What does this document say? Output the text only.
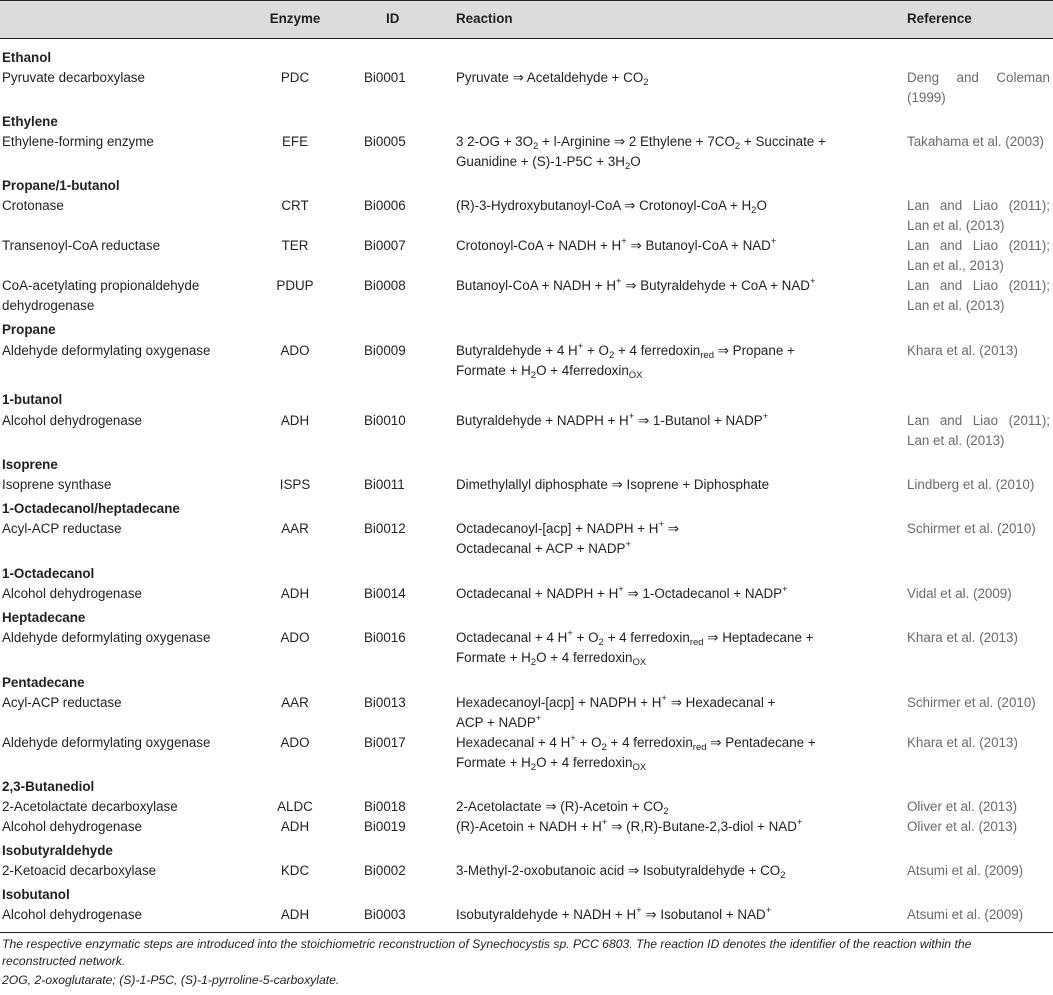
Enzyme	ID	Reaction	Reference
Ethanol
Pyruvate decarboxylase	PDC	Bi0001	Pyruvate ⇒ Acetaldehyde + $CO_2$	Deng and Coleman
(1999)
Ethylene
Ethylene-forming enzyme	EFE	Bi0005	3 $2-OG + 3O_2$ + l-Arginine ⇒ 2 Ethylene + $7CO_2$ + Succinate +
Guanidine + $(S)-1-P5C + 3H_2O$
Takahama et al. (2003)
Propane/1-butanol
Crotonase	CRT	Bi0006	(R)-3-Hydroxybutanoyl-CoA ⇒ Crotonoyl-CoA + $H_2O$	Lan and Liao (2011);
Lan et al. (2013)
Transenoyl-CoA reductase	TER	Bi0007	Crotonoyl-CoA + NADH + H+ ⇒ Butanoyl-CoA + NAD+	Lan and Liao (2011);
Lan et al., 2013)
CoA-acetylating propionaldehyde
dehydrogenase
PDUP	Bi0008	Butanoyl-CoA + NADH + H+ ⇒ Butyraldehyde + CoA + NAD+	Lan and Liao (2011);
Lan et al. (2013)
Propane
Aldehyde deformylating oxygenase	ADO	Bi0009	Butyraldehyde + 4 $H^+ + O_2 + 4$ ferredoxin$_{red}$ ⇒ Propane +
Formate + $H_2O$ + 4ferredoxin$_{OX}$
Khara et al. (2013)
1-butanol
Alcohol dehydrogenase	ADH	Bi0010	Butyraldehyde + NADPH + H+ ⇒ 1-Butanol + NADP+	Lan and Liao (2011);
Lan et al. (2013)
Isoprene
Isoprene synthase	ISPS	Bi0011	Dimethylallyl diphosphate ⇒ Isoprene + Diphosphate	Lindberg et al. (2010)
1-Octadecanol/heptadecane
Acyl-ACP reductase	AAR	Bi0012	Octadecanoyl-[acp] + NADPH + H+ ⇒
Octadecanal + ACP + NADP+
Schirmer et al. (2010)
1-Octadecanol
Alcohol dehydrogenase	ADH	Bi0014	Octadecanal + NADPH + H+ ⇒ 1-Octadecanol + NADP+	Vidal et al. (2009)
Heptadecane
Aldehyde deformylating oxygenase	ADO	Bi0016	Octadecanal + 4 $H^+ + O_2 + 4$ ferredoxin$_{red}$ ⇒ Heptadecane +
Formate + $H_2O + 4$ ferredoxin$_{OX}$
Khara et al. (2013)
Pentadecane
Acyl-ACP reductase	AAR	Bi0013	Hexadecanoyl-[acp] + NADPH + H+ ⇒ Hexadecanal +
ACP + NADP+
Schirmer et al. (2010)
Aldehyde deformylating oxygenase	ADO	Bi0017	Hexadecanal + 4 $H^+ + O_2 + 4$ ferredoxin$_{red}$ ⇒ Pentadecane +
Formate + $H_2O + 4$ ferredoxin$_{OX}$
Khara et al. (2013)
2,3-Butanediol
2-Acetolactate decarboxylase	ALDC	Bi0018	2-Acetolactate ⇒ (R)-Acetoin + $CO_2$	Oliver et al. (2013)
Alcohol dehydrogenase	ADH	Bi0019	(R)-Acetoin + NADH + H+ ⇒ (R,R)-Butane-2,3-diol + NAD+	Oliver et al. (2013)
Isobutyraldehyde
2-Ketoacid decarboxylase	KDC	Bi0002	3-Methyl-2-oxobutanoic acid ⇒ Isobutyraldehyde + $CO_2$	Atsumi et al. (2009)
Isobutanol
Alcohol dehydrogenase	ADH	Bi0003	Isobutyraldehyde + NADH + H+ ⇒ Isobutanol + NAD+	Atsumi et al. (2009)
The respective enzymatic steps are introduced into the stoichiometric reconstruction of Synechocystis sp. PCC 6803. The reaction ID denotes the identifier of the reaction within the
reconstructed network.
2OG, 2-oxoglutarate; (S)-1-P5C, (S)-1-pyrroline-5-carboxylate.
